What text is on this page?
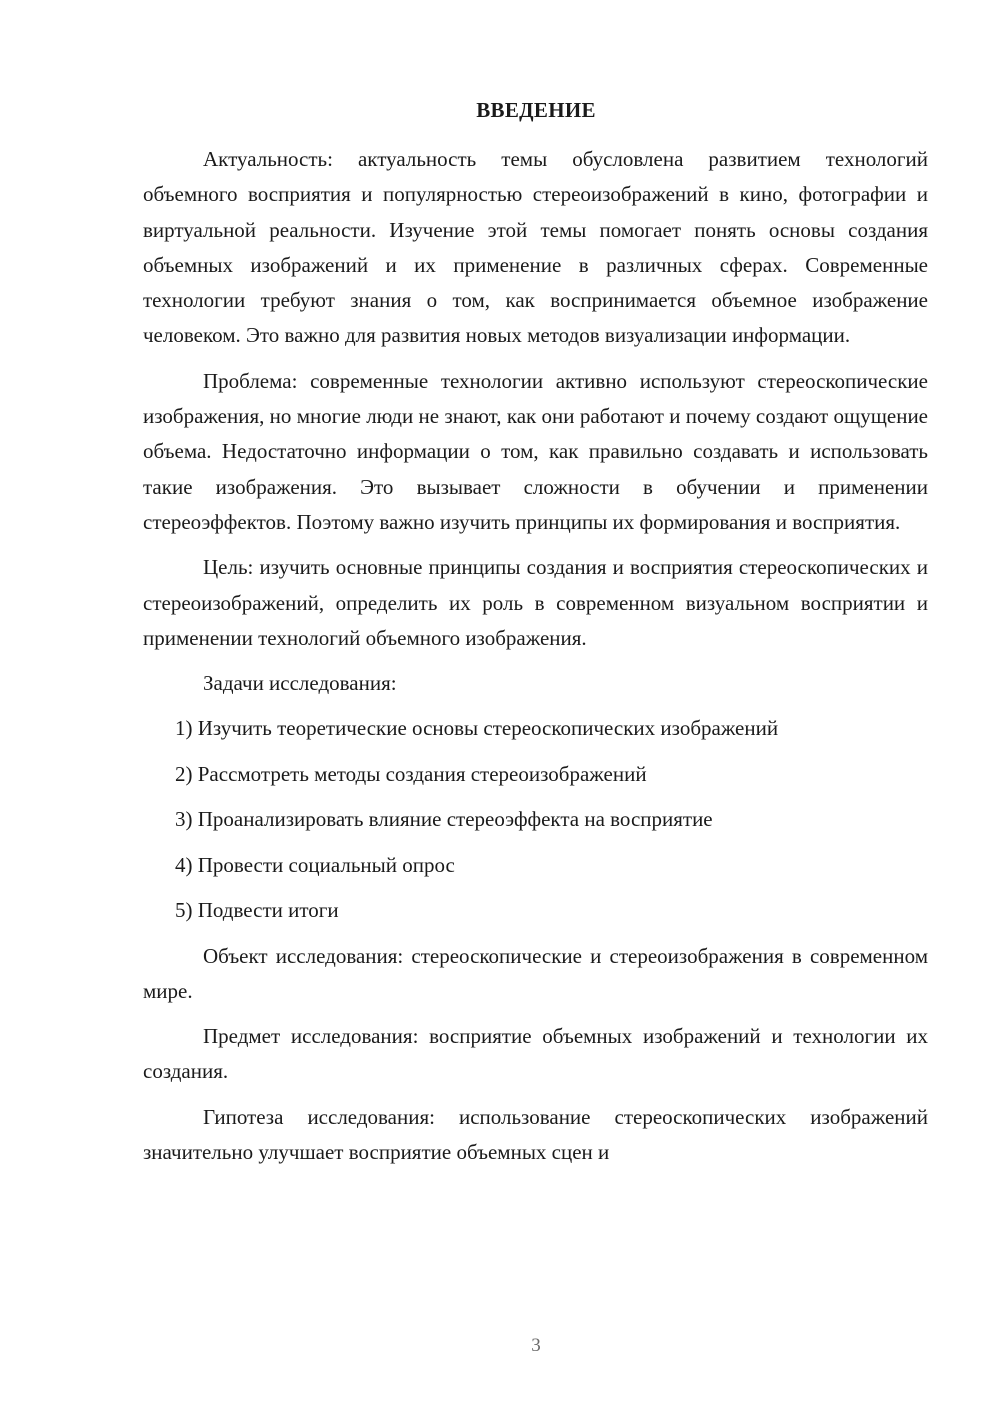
ВВЕДЕНИЕ

Актуальность: актуальность темы обусловлена развитием технологий объемного восприятия и популярностью стереоизображений в кино, фотографии и виртуальной реальности. Изучение этой темы помогает понять основы создания объемных изображений и их применение в различных сферах. Современные технологии требуют знания о том, как воспринимается объемное изображение человеком. Это важно для развития новых методов визуализации информации.

Проблема: современные технологии активно используют стереоскопические изображения, но многие люди не знают, как они работают и почему создают ощущение объема. Недостаточно информации о том, как правильно создавать и использовать такие изображения. Это вызывает сложности в обучении и применении стереоэффектов. Поэтому важно изучить принципы их формирования и восприятия.

Цель: изучить основные принципы создания и восприятия стереоскопических и стереоизображений, определить их роль в современном визуальном восприятии и применении технологий объемного изображения.

Задачи исследования:

1) Изучить теоретические основы стереоскопических изображений
2) Рассмотреть методы создания стереоизображений
3) Проанализировать влияние стереоэффекта на восприятие
4) Провести социальный опрос
5) Подвести итоги

Объект исследования: стереоскопические и стереоизображения в современном мире.

Предмет исследования: восприятие объемных изображений и технологии их создания.

Гипотеза исследования: использование стереоскопических изображений значительно улучшает восприятие объемных сцен и

3
